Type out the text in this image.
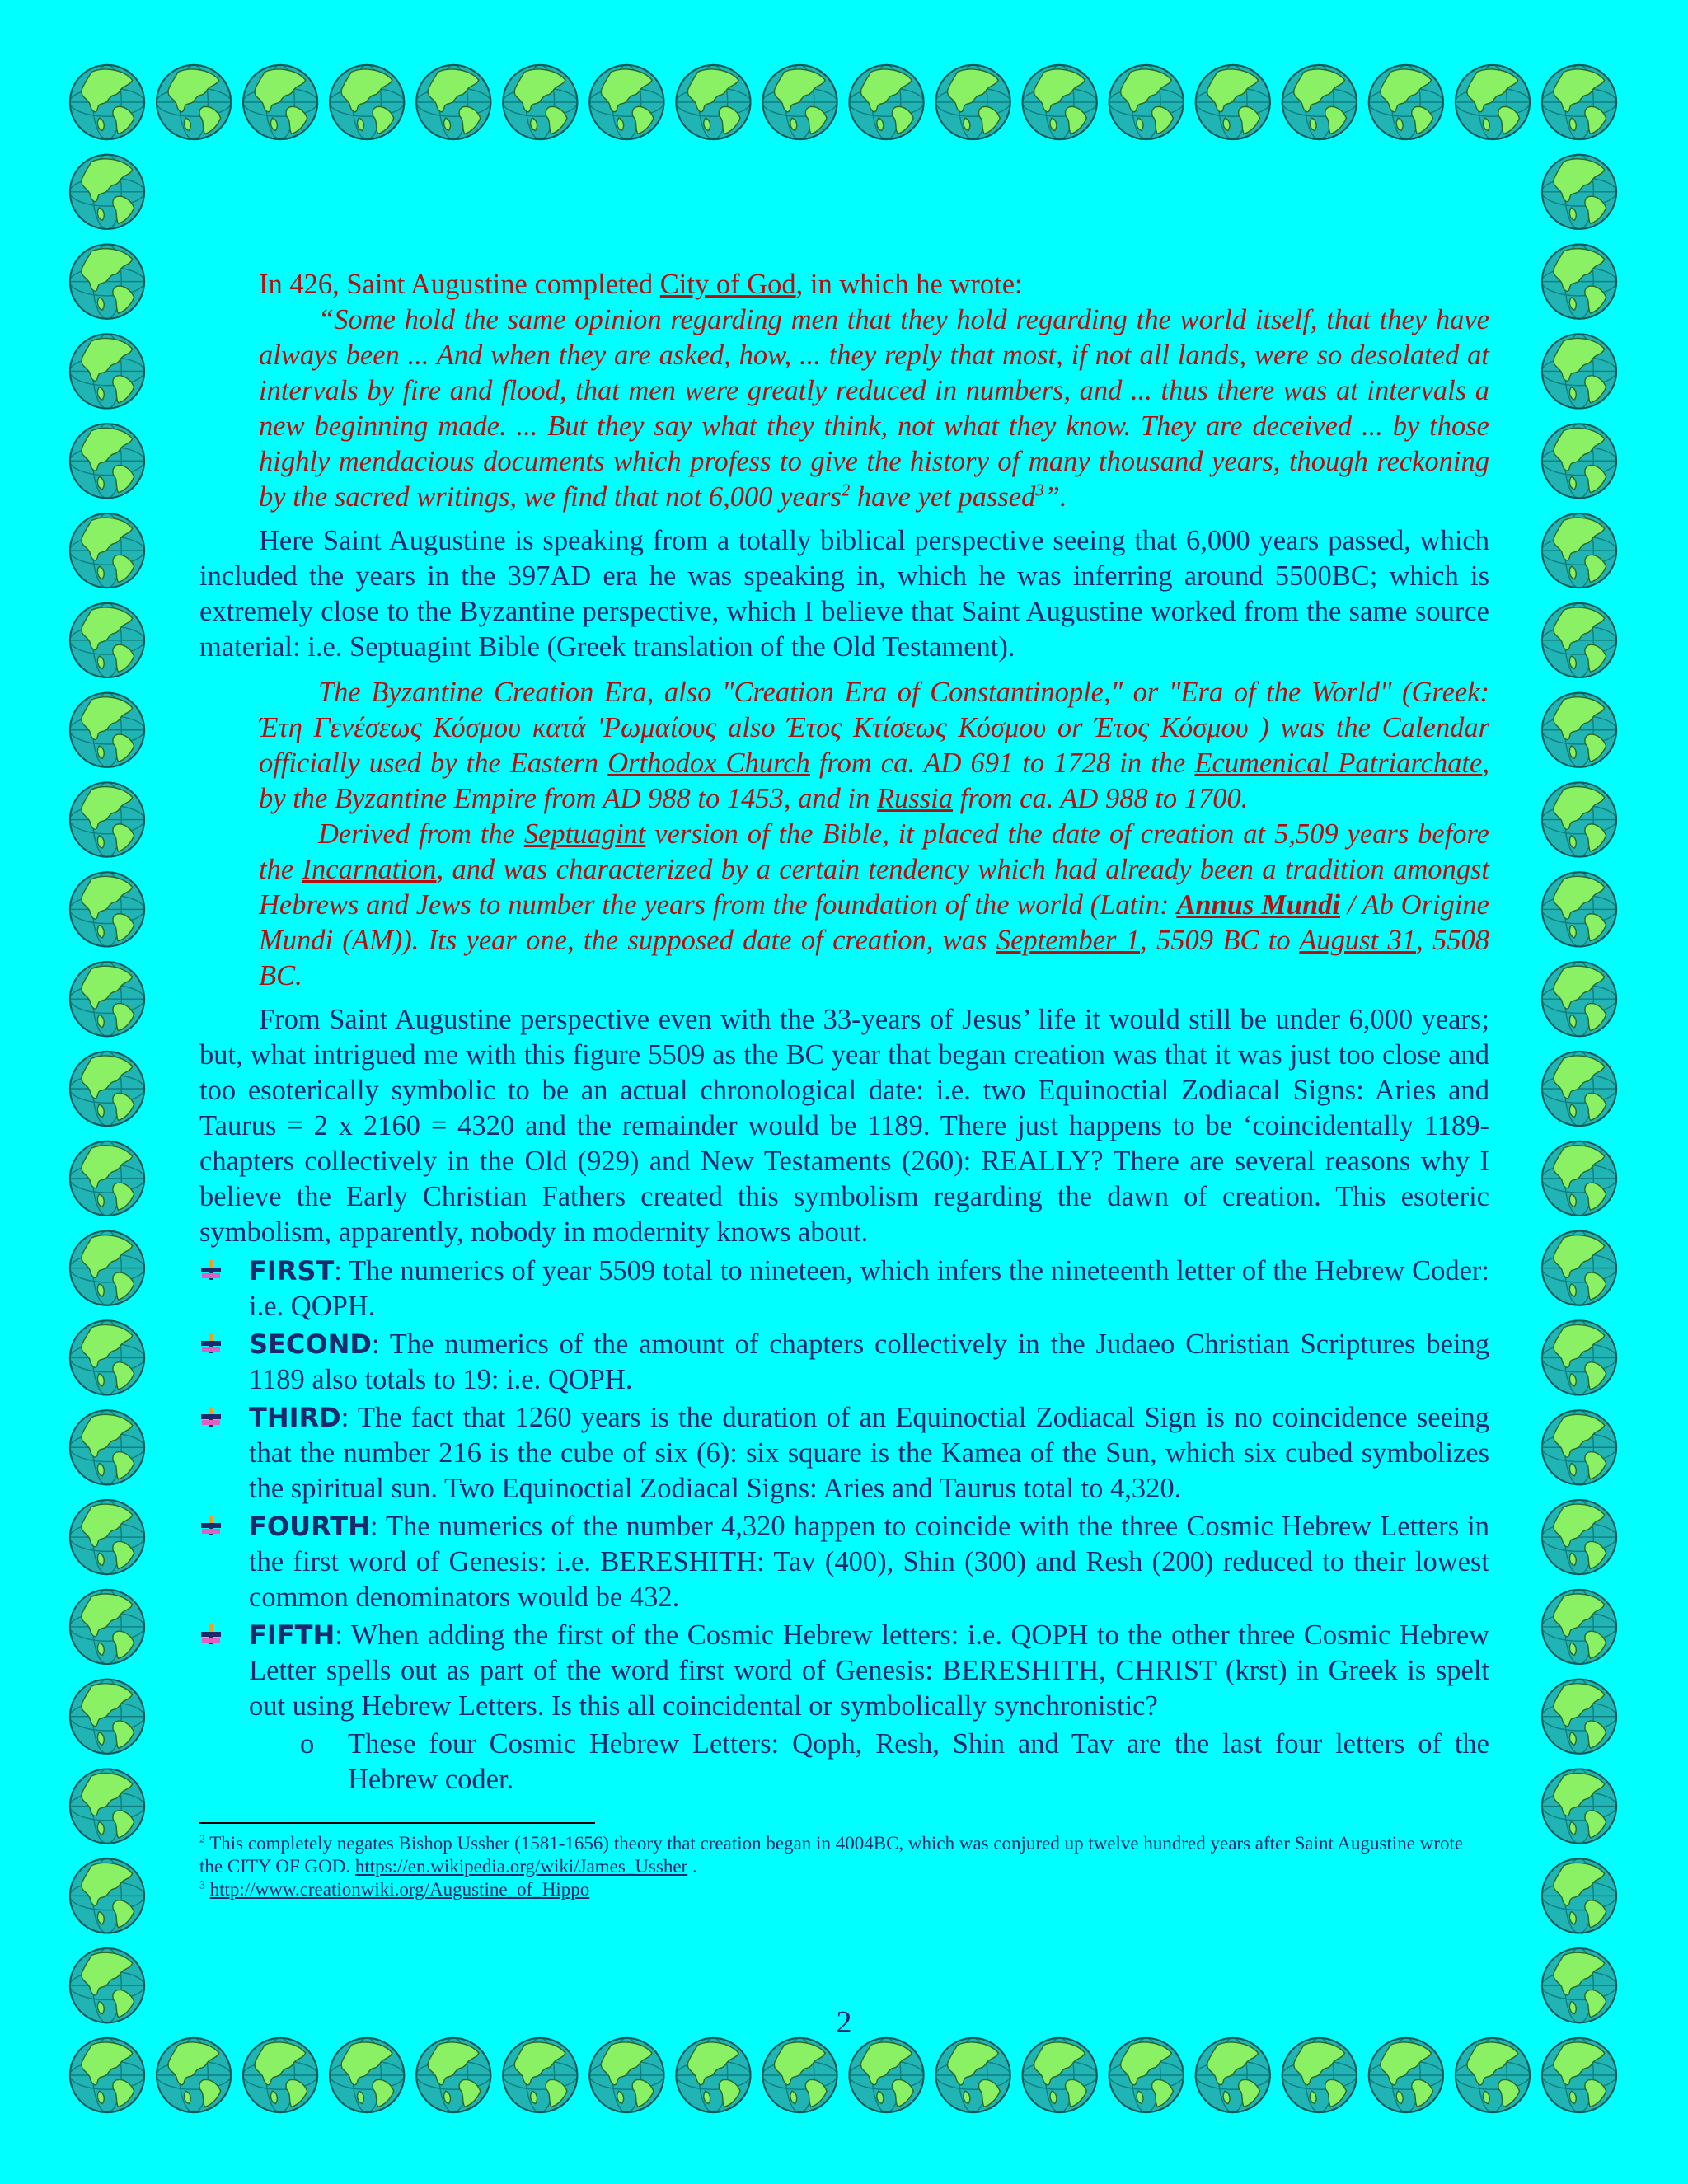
In 426, Saint Augustine completed City of God, in which he wrote:
“Some hold the same opinion regarding men that they hold regarding the world itself, that they have always been ... And when they are asked, how, ... they reply that most, if not all lands, were so desolated at intervals by fire and flood, that men were greatly reduced in numbers, and ... thus there was at intervals a new beginning made. ... But they say what they think, not what they know. They are deceived ... by those highly mendacious documents which profess to give the history of many thousand years, though reckoning by the sacred writings, we find that not 6,000 years$^2$ have yet passed$^3$”.
Here Saint Augustine is speaking from a totally biblical perspective seeing that 6,000 years passed, which included the years in the 397AD era he was speaking in, which he was inferring around 5500BC; which is extremely close to the Byzantine perspective, which I believe that Saint Augustine worked from the same source material: i.e. Septuagint Bible (Greek translation of the Old Testament).
The Byzantine Creation Era, also "Creation Era of Constantinople," or "Era of the World" (Greek: Έτη Γενέσεως Κόσμου κατά 'Ρωμαίους also Έτος Κτίσεως Κόσμου or Έτος Κόσμου ) was the Calendar officially used by the Eastern Orthodox Church from ca. AD 691 to 1728 in the Ecumenical Patriarchate, by the Byzantine Empire from AD 988 to 1453, and in Russia from ca. AD 988 to 1700.
Derived from the Septuagint version of the Bible, it placed the date of creation at 5,509 years before the Incarnation, and was characterized by a certain tendency which had already been a tradition amongst Hebrews and Jews to number the years from the foundation of the world (Latin: Annus Mundi / Ab Origine Mundi (AM)). Its year one, the supposed date of creation, was September 1, 5509 BC to August 31, 5508 BC.
From Saint Augustine perspective even with the 33-years of Jesus’ life it would still be under 6,000 years; but, what intrigued me with this figure 5509 as the BC year that began creation was that it was just too close and too esoterically symbolic to be an actual chronological date: i.e. two Equinoctial Zodiacal Signs: Aries and Taurus = 2 x 2160 = 4320 and the remainder would be 1189. There just happens to be ‘coincidentally 1189-chapters collectively in the Old (929) and New Testaments (260): REALLY? There are several reasons why I believe the Early Christian Fathers created this symbolism regarding the dawn of creation. This esoteric symbolism, apparently, nobody in modernity knows about.
FIRST: The numerics of year 5509 total to nineteen, which infers the nineteenth letter of the Hebrew Coder: i.e. QOPH.
SECOND: The numerics of the amount of chapters collectively in the Judaeo Christian Scriptures being 1189 also totals to 19: i.e. QOPH.
THIRD: The fact that 1260 years is the duration of an Equinoctial Zodiacal Sign is no coincidence seeing that the number 216 is the cube of six (6): six square is the Kamea of the Sun, which six cubed symbolizes the spiritual sun. Two Equinoctial Zodiacal Signs: Aries and Taurus total to 4,320.
FOURTH: The numerics of the number 4,320 happen to coincide with the three Cosmic Hebrew Letters in the first word of Genesis: i.e. BERESHITH: Tav (400), Shin (300) and Resh (200) reduced to their lowest common denominators would be 432.
FIFTH: When adding the first of the Cosmic Hebrew letters: i.e. QOPH to the other three Cosmic Hebrew Letter spells out as part of the word first word of Genesis: BERESHITH, CHRIST (krst) in Greek is spelt out using Hebrew Letters. Is this all coincidental or symbolically synchronistic?
o These four Cosmic Hebrew Letters: Qoph, Resh, Shin and Tav are the last four letters of the Hebrew coder.
$^2$ This completely negates Bishop Ussher (1581-1656) theory that creation began in 4004BC, which was conjured up twelve hundred years after Saint Augustine wrote the CITY OF GOD. https://en.wikipedia.org/wiki/James_Ussher .
$^3$ http://www.creationwiki.org/Augustine_of_Hippo
2
